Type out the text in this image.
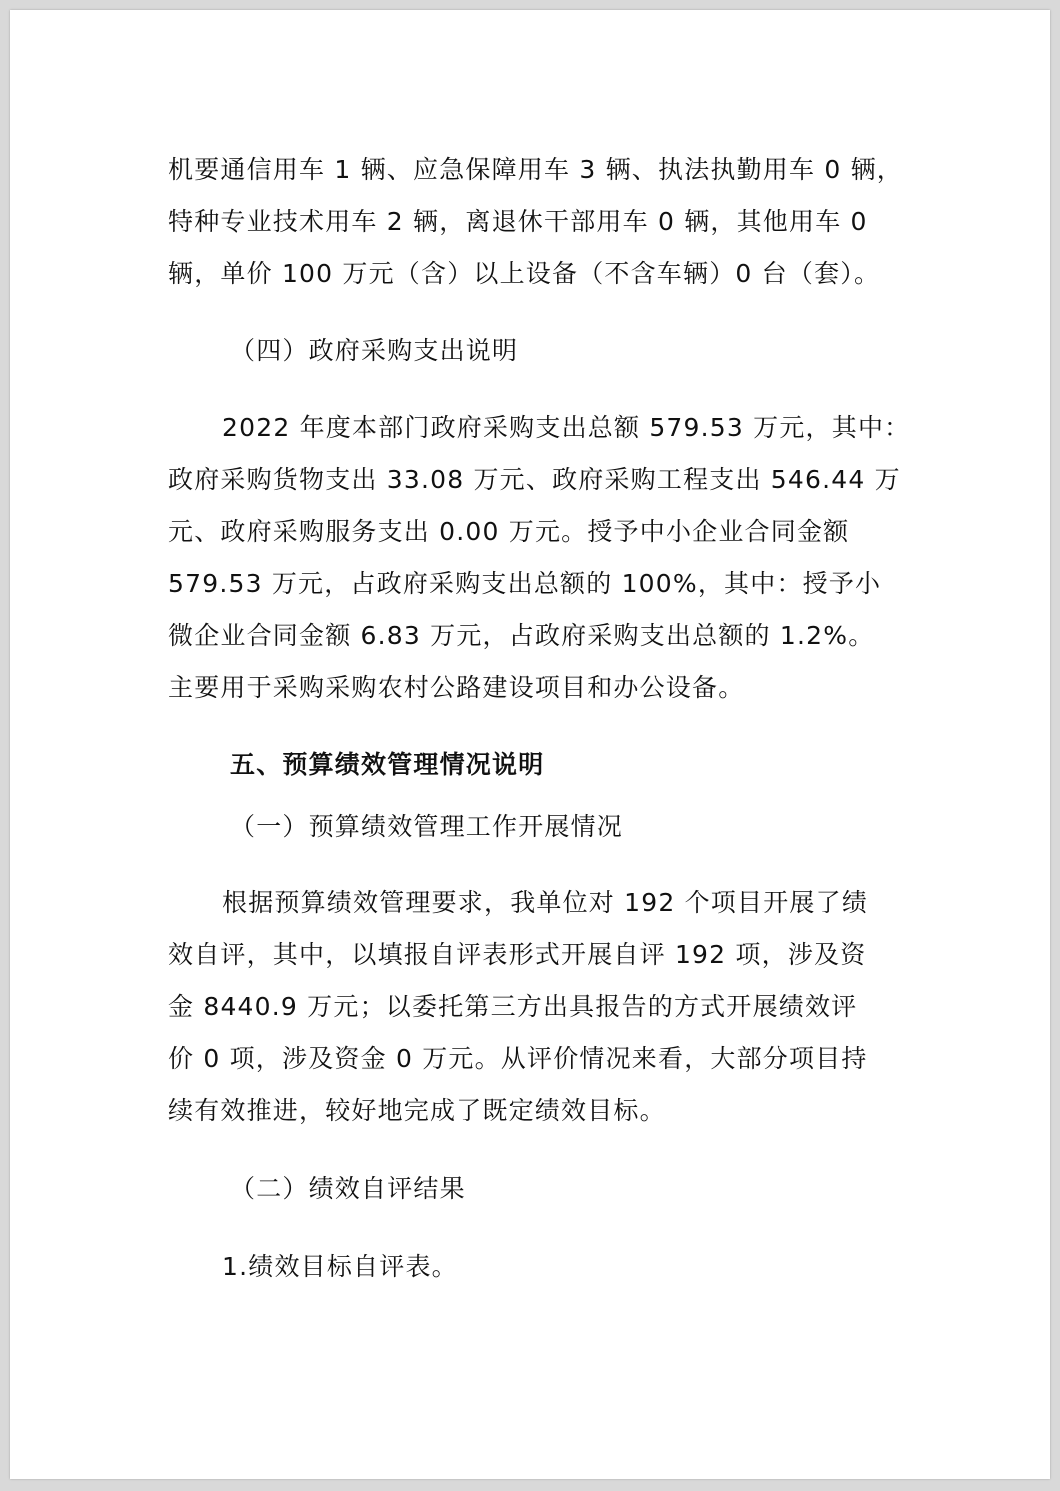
机要通信用车 1 辆、应急保障用车 3 辆、执法执勤用车 0 辆，
特种专业技术用车 2 辆，离退休干部用车 0 辆，其他用车 0
辆，单价 100 万元（含）以上设备（不含车辆）0 台（套）。
（四）政府采购支出说明
2022 年度本部门政府采购支出总额 579.53 万元，其中：
政府采购货物支出 33.08 万元、政府采购工程支出 546.44 万
元、政府采购服务支出 0.00 万元。授予中小企业合同金额
579.53 万元，占政府采购支出总额的 100%，其中：授予小
微企业合同金额 6.83 万元，占政府采购支出总额的 1.2%。
主要用于采购采购农村公路建设项目和办公设备。
五、预算绩效管理情况说明
（一）预算绩效管理工作开展情况
根据预算绩效管理要求，我单位对 192 个项目开展了绩
效自评，其中，以填报自评表形式开展自评 192 项，涉及资
金 8440.9 万元；以委托第三方出具报告的方式开展绩效评
价 0 项，涉及资金 0 万元。从评价情况来看，大部分项目持
续有效推进，较好地完成了既定绩效目标。
（二）绩效自评结果
1.绩效目标自评表。
